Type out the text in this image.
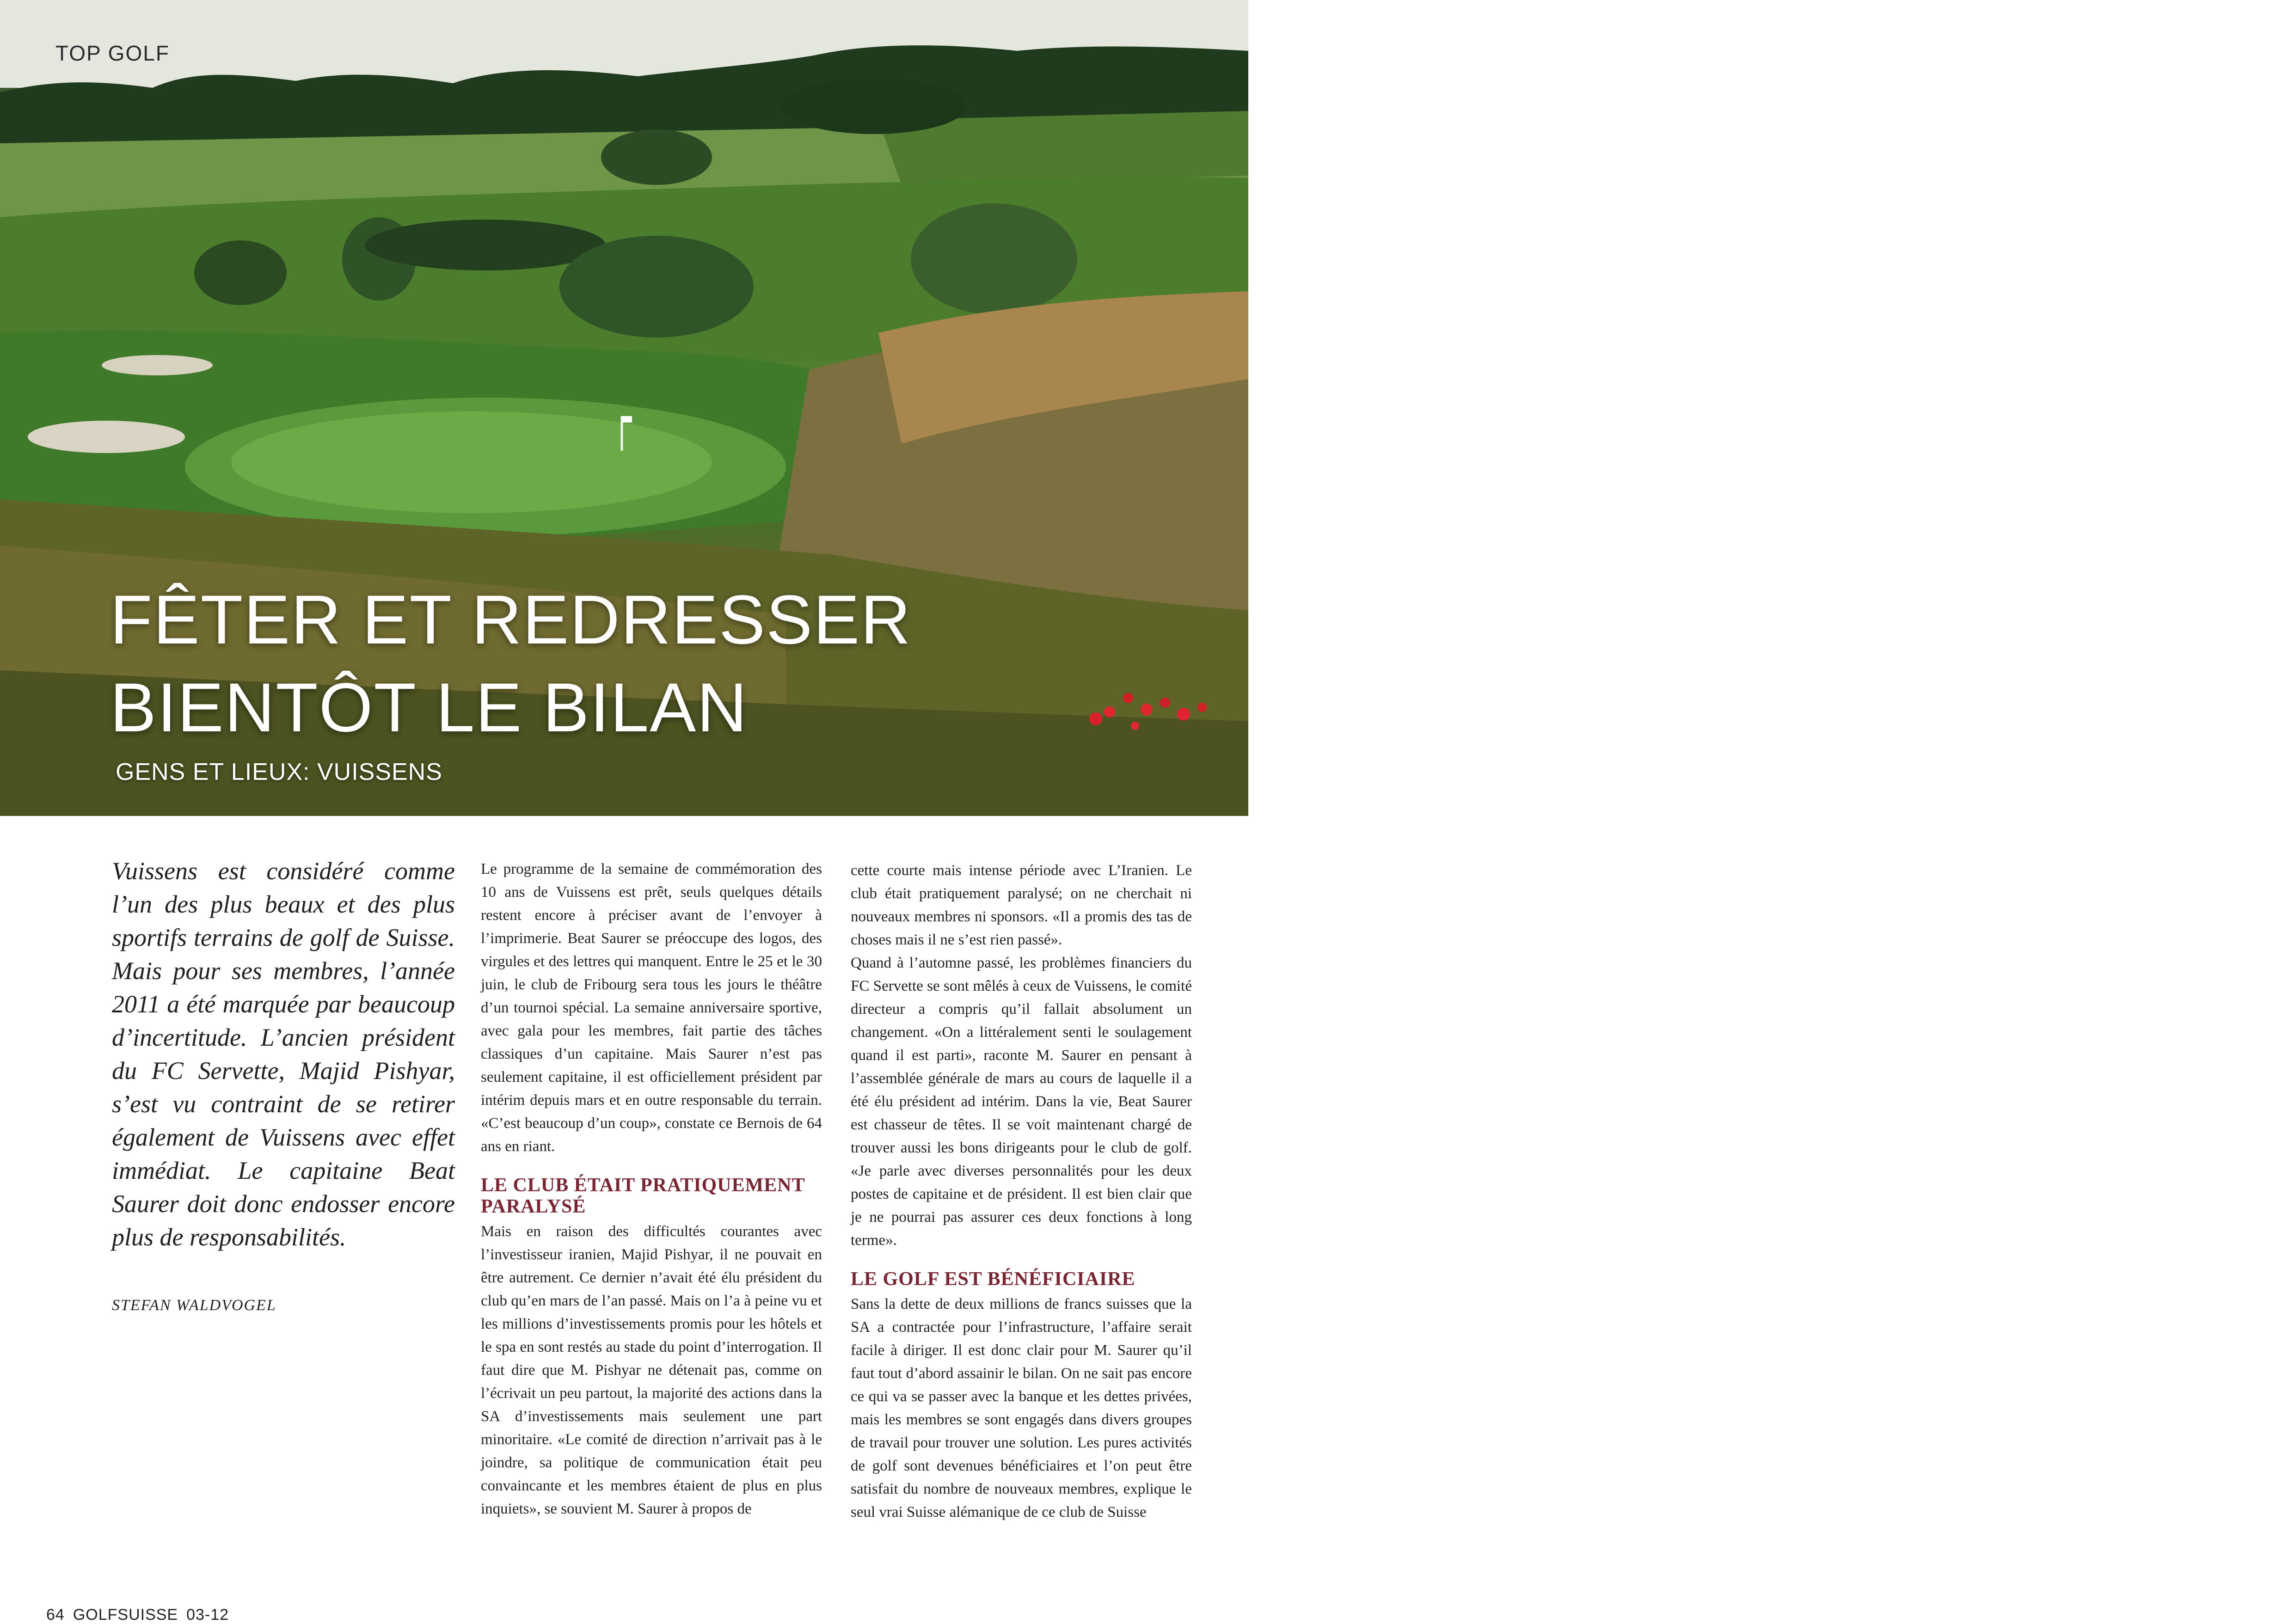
TOP GOLF
FÊTER ET REDRESSER
BIENTÔT LE BILAN
GENS ET LIEUX: VUISSENS
Vuissens est considéré comme l’un des plus beaux et des plus sportifs terrains de golf de Suisse. Mais pour ses membres, l’année 2011 a été marquée par beaucoup d’incertitude. L’ancien président du FC Servette, Majid Pishyar, s’est vu contraint de se retirer également de Vuissens avec effet immédiat. Le capitaine Beat Saurer doit donc endosser encore plus de responsabilités.
STEFAN WALDVOGEL

Le programme de la semaine de commémoration des 10 ans de Vuissens est prêt, seuls quelques détails restent encore à préciser avant de l’envoyer à l’imprimerie. Beat Saurer se préoccupe des logos, des virgules et des lettres qui manquent. Entre le 25 et le 30 juin, le club de Fribourg sera tous les jours le théâtre d’un tournoi spécial. La semaine anniversaire sportive, avec gala pour les membres, fait partie des tâches classiques d’un capitaine. Mais Saurer n’est pas seulement capitaine, il est officiellement président par intérim depuis mars et en outre responsable du terrain. «C’est beaucoup d’un coup», constate ce Bernois de 64 ans en riant.

LE CLUB ÉTAIT PRATIQUEMENT PARALYSÉ

Mais en raison des difficultés courantes avec l’investisseur iranien, Majid Pishyar, il ne pouvait en être autrement. Ce dernier n’avait été élu président du club qu’en mars de l’an passé. Mais on l’a à peine vu et les millions d’investissements promis pour les hôtels et le spa en sont restés au stade du point d’interrogation. Il faut dire que M. Pishyar ne détenait pas, comme on l’écrivait un peu partout, la majorité des actions dans la SA d’investissements mais seulement une part minoritaire. «Le comité de direction n’arrivait pas à le joindre, sa politique de communication était peu convaincante et les membres étaient de plus en plus inquiets», se souvient M. Saurer à propos de

cette courte mais intense période avec L’Iranien. Le club était pratiquement paralysé; on ne cherchait ni nouveaux membres ni sponsors. «Il a promis des tas de choses mais il ne s’est rien passé».

Quand à l’automne passé, les problèmes financiers du FC Servette se sont mêlés à ceux de Vuissens, le comité directeur a compris qu’il fallait absolument un changement. «On a littéralement senti le soulagement quand il est parti», raconte M. Saurer en pensant à l’assemblée générale de mars au cours de laquelle il a été élu président ad intérim. Dans la vie, Beat Saurer est chasseur de têtes. Il se voit maintenant chargé de trouver aussi les bons dirigeants pour le club de golf. «Je parle avec diverses personnalités pour les deux postes de capitaine et de président. Il est bien clair que je ne pourrai pas assurer ces deux fonctions à long terme».

LE GOLF EST BÉNÉFICIAIRE

Sans la dette de deux millions de francs suisses que la SA a contractée pour l’infrastructure, l’affaire serait facile à diriger. Il est donc clair pour M. Saurer qu’il faut tout d’abord assainir le bilan. On ne sait pas encore ce qui va se passer avec la banque et les dettes privées, mais les membres se sont engagés dans divers groupes de travail pour trouver une solution. Les pures activités de golf sont devenues bénéficiaires et l’on peut être satisfait du nombre de nouveaux membres, explique le seul vrai Suisse alémanique de ce club de Suisse

64 GOLFSUISSE 03-12
